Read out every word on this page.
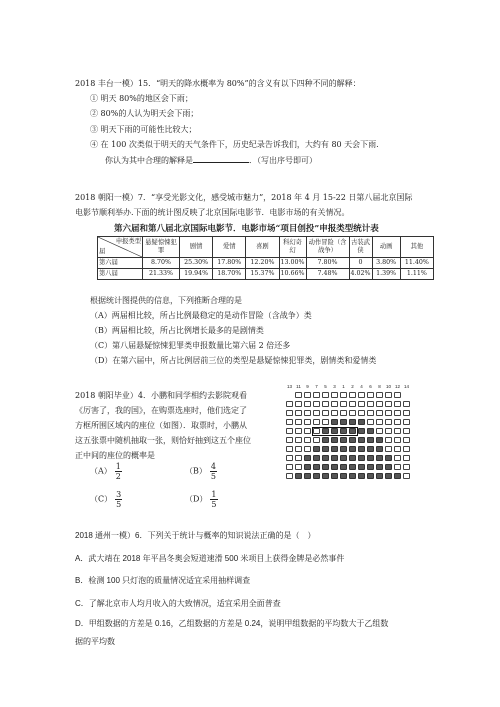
2018 丰台一模）15．“明天的降水概率为 80%”的含义有以下四种不同的解释：
① 明天 80%的地区会下雨；
② 80%的人认为明天会下雨；
③ 明天下雨的可能性比较大；
④ 在 100 次类似于明天的天气条件下，历史纪录告诉我们，大约有 80 天会下雨.
你认为其中合理的解释是	．（写出序号即可）
2018 朝阳一模）7．“享受光影文化，感受城市魅力”，2018 年 4 月 15-22 日第八届北京国际
电影节顺利举办.下面的统计图反映了北京国际电影节．电影市场的有关情况。
第六届和第八届北京国际电影节．电影市场“项目创投”申报类型统计表
申报类型
届	悬疑惊悚犯罪	剧情	爱情	喜剧	科幻奇幻	动作冒险（含战争）	古装武侠	动画	其他
第六届	8.70%	25.30%	17.80%	12.20%	13.00%	7.80%	0	3.80%	11.40%
第八届	21.33%	19.94%	18.70%	15.37%	10.66%	7.48%	4.02%	1.39%	1.11%
根据统计图提供的信息，下列推断合理的是
（A）两届相比较，所占比例最稳定的是动作冒险（含战争）类
（B）两届相比较，所占比例增长最多的是剧情类
（C）第八届悬疑惊悚犯罪类申报数量比第六届 2 倍还多
（D）在第六届中，所占比例居前三位的类型是悬疑惊悚犯罪类，剧情类和爱情类
2018 朝阳毕业）4．小鹏和同学相约去影院观看
《厉害了，我的国》，在购票选座时，他们选定了
方框所围区域内的座位（如图）．取票时，小鹏从
这五张票中随机抽取一张，则恰好抽到这五个座位
正中间的座位的概率是
$(A) \frac{1}{2}$	$(B) \frac{4}{5}$
$(C) \frac{3}{5}$	$(D) \frac{1}{5}$
13 11	9	7	5	3	1	2	4	6	8	10 12 14
2018 通州一模）6．下列关于统计与概率的知识说法正确的是（　）
A．武大靖在 2018 年平昌冬奥会短道速滑 500 米项目上获得金牌是必然事件
B．检测 100 只灯泡的质量情况适宜采用抽样调查
C．了解北京市人均月收入的大致情况，适宜采用全面普查
D．甲组数据的方差是 0.16，乙组数据的方差是 0.24，说明甲组数据的平均数大于乙组数
据的平均数
